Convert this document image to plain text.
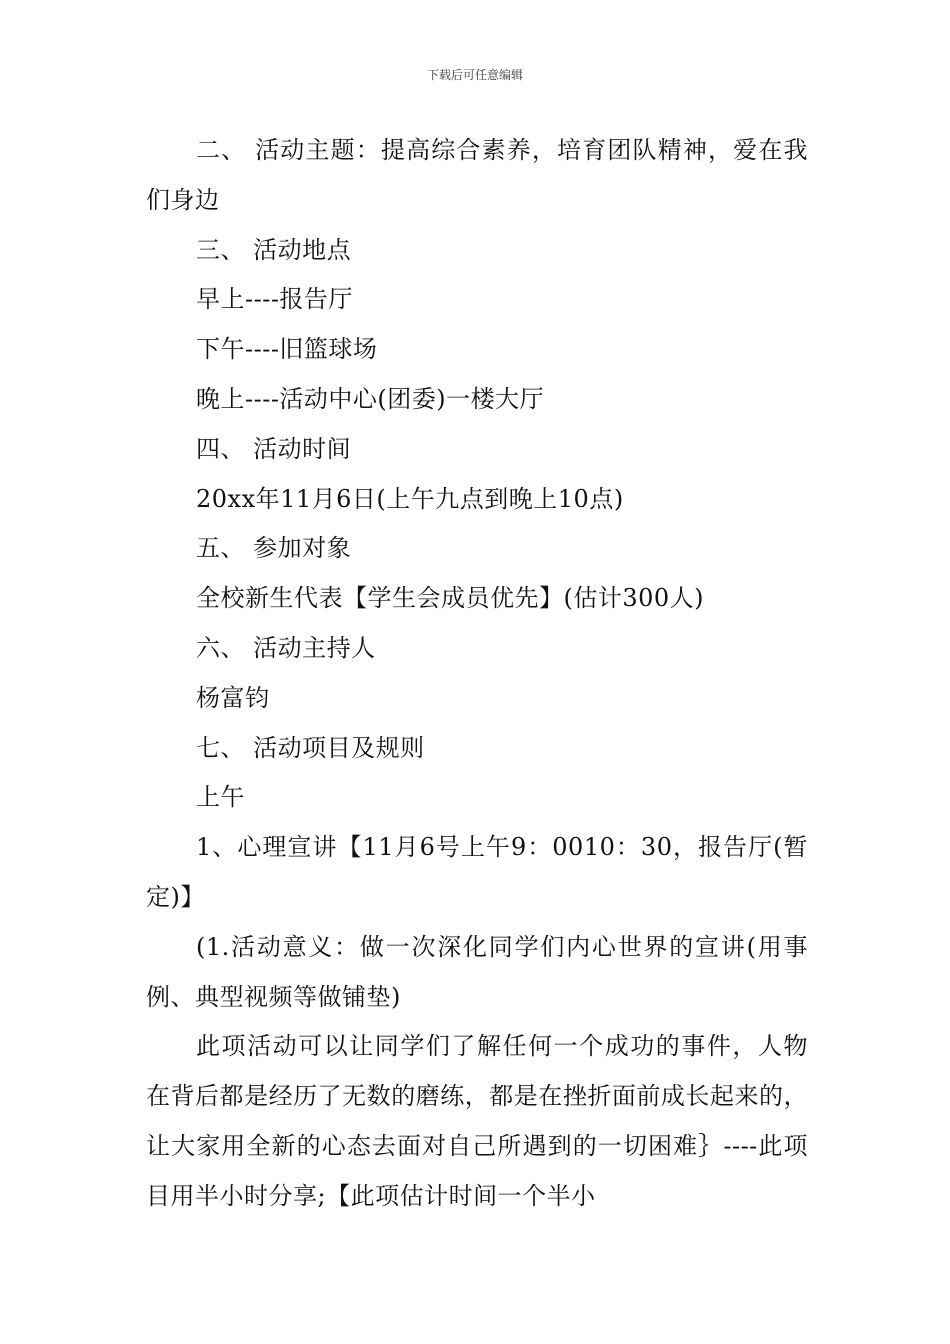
下载后可任意编辑

二、 活动主题：提高综合素养，培育团队精神，爱在我们身边

三、 活动地点

早上----报告厅

下午----旧篮球场

晚上----活动中心(团委)一楼大厅

四、 活动时间

20xx年11月6日(上午九点到晚上10点)

五、 参加对象

全校新生代表【学生会成员优先】(估计300人)

六、 活动主持人

杨富钧

七、 活动项目及规则

上午

1、心理宣讲【11月6号上午9：0010：30，报告厅(暂定)】

(1.活动意义：做一次深化同学们内心世界的宣讲(用事例、典型视频等做铺垫)

此项活动可以让同学们了解任何一个成功的事件，人物在背后都是经历了无数的磨练，都是在挫折面前成长起来的，让大家用全新的心态去面对自己所遇到的一切困难｝----此项目用半小时分享;【此项估计时间一个半小
